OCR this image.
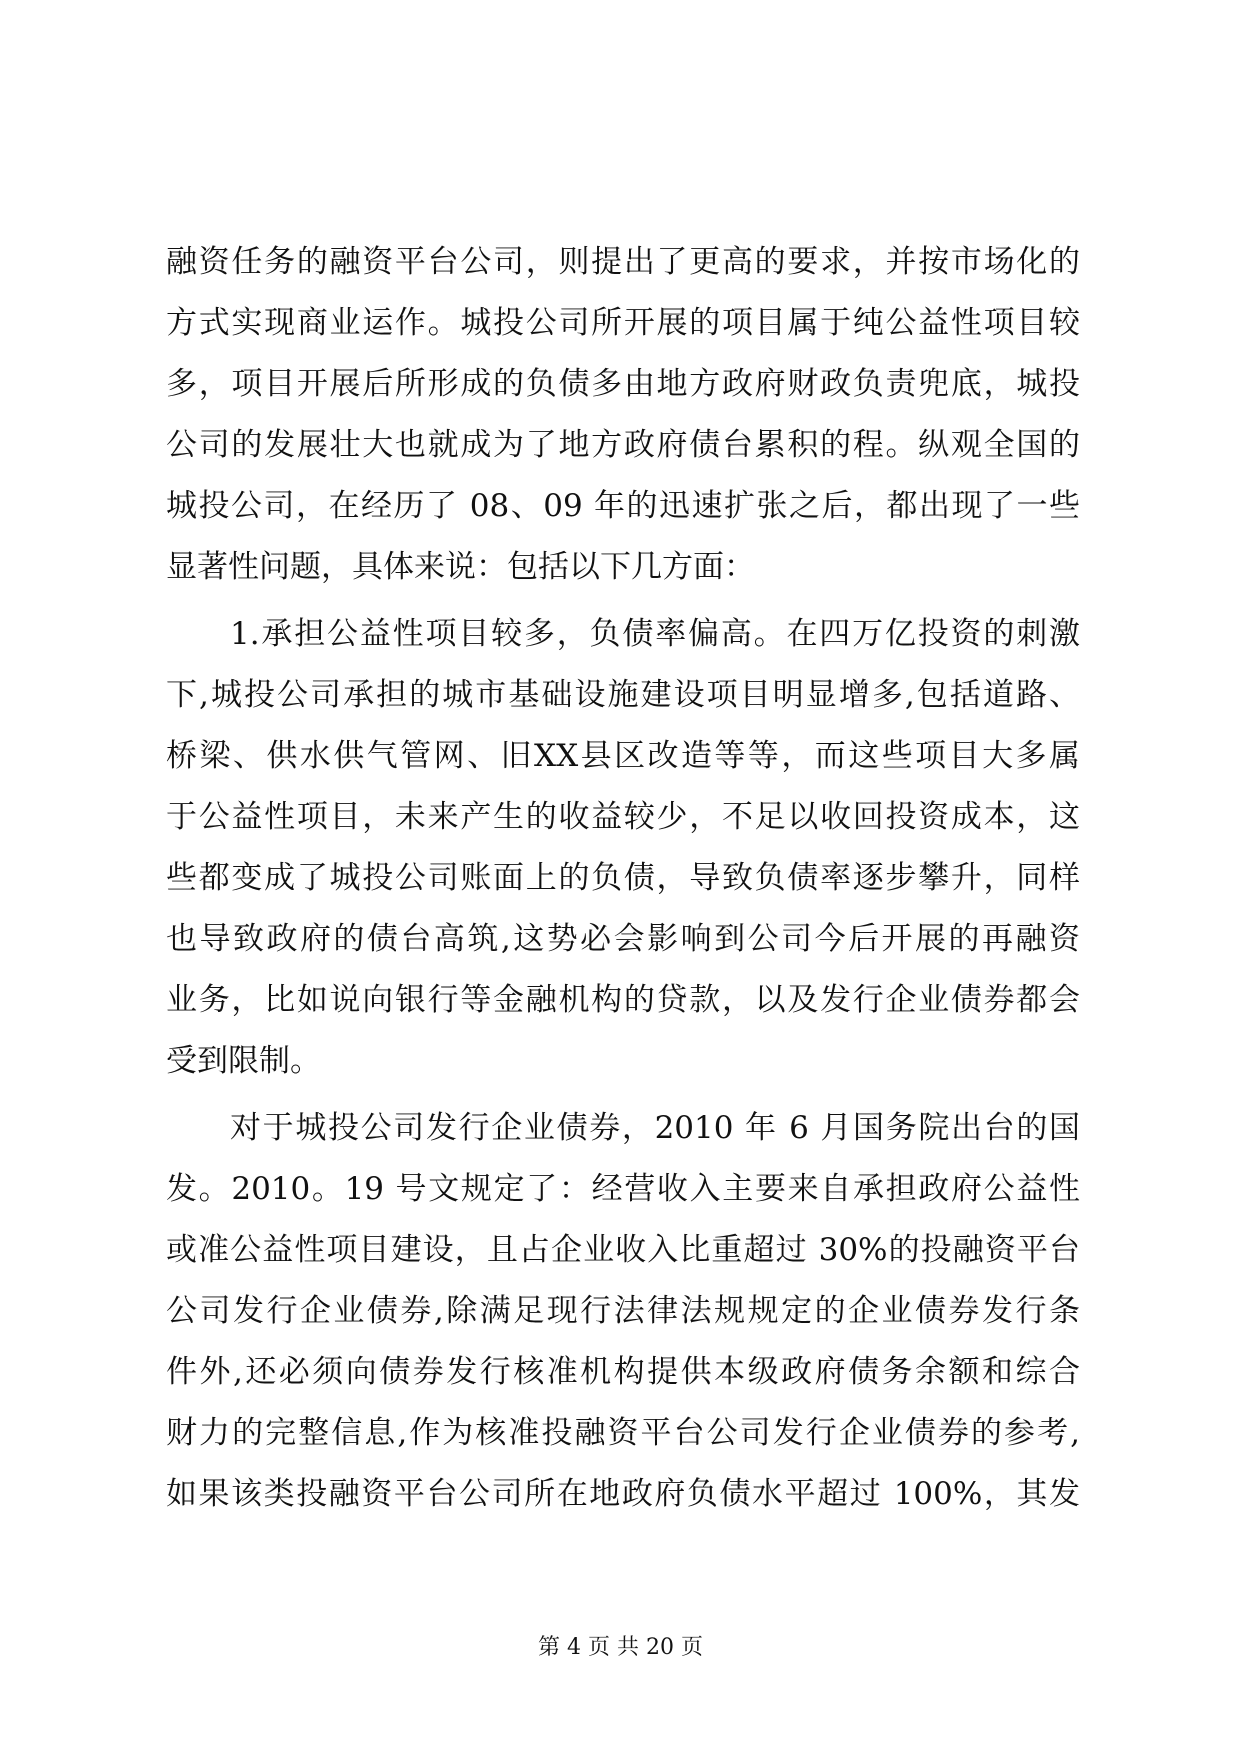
融资任务的融资平台公司，则提出了更高的要求，并按市场化的
方式实现商业运作。城投公司所开展的项目属于纯公益性项目较
多，项目开展后所形成的负债多由地方政府财政负责兜底，城投
公司的发展壮大也就成为了地方政府债台累积的程。纵观全国的
城投公司，在经历了 08、09 年的迅速扩张之后，都出现了一些
显著性问题，具体来说：包括以下几方面：
1.承担公益性项目较多，负债率偏高。在四万亿投资的刺激
下,城投公司承担的城市基础设施建设项目明显增多,包括道路、
桥梁、供水供气管网、旧XX县区改造等等，而这些项目大多属
于公益性项目，未来产生的收益较少，不足以收回投资成本，这
些都变成了城投公司账面上的负债，导致负债率逐步攀升，同样
也导致政府的债台高筑,这势必会影响到公司今后开展的再融资
业务，比如说向银行等金融机构的贷款，以及发行企业债券都会
受到限制。
对于城投公司发行企业债券，2010 年 6 月国务院出台的国
发。2010。19 号文规定了：经营收入主要来自承担政府公益性
或准公益性项目建设，且占企业收入比重超过 30%的投融资平台
公司发行企业债券,除满足现行法律法规规定的企业债券发行条
件外,还必须向债券发行核准机构提供本级政府债务余额和综合
财力的完整信息,作为核准投融资平台公司发行企业债券的参考,
如果该类投融资平台公司所在地政府负债水平超过 100%，其发
第 4 页 共 20 页
